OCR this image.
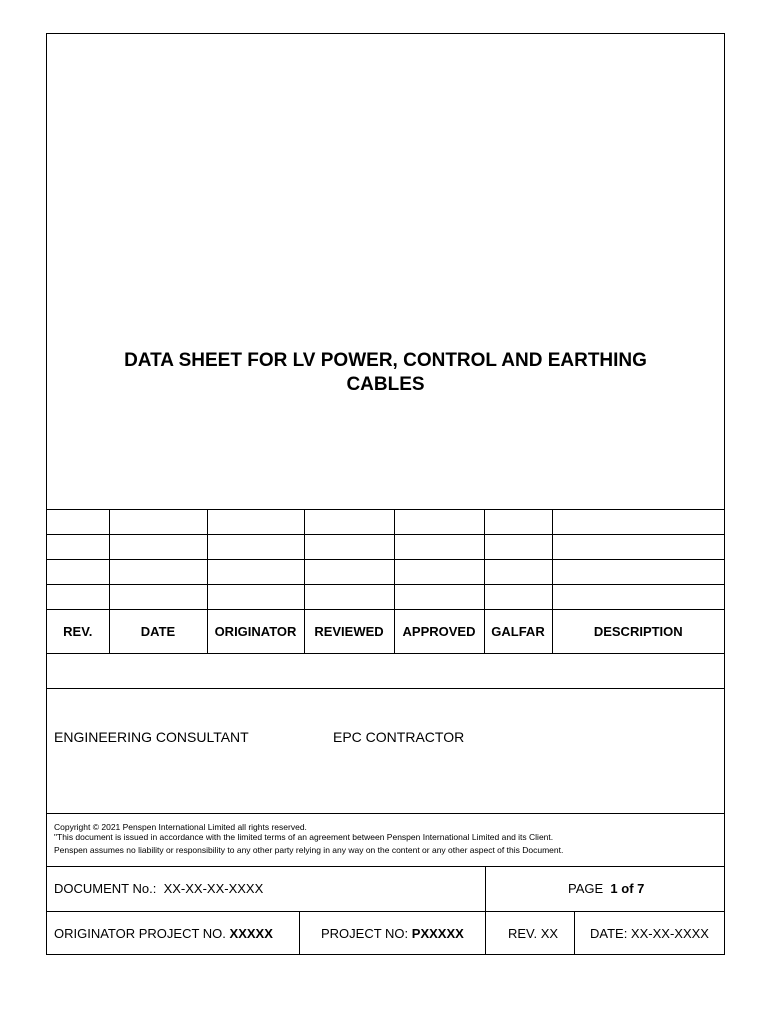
DATA SHEET FOR LV POWER, CONTROL AND EARTHING
CABLES

REV.	DATE	ORIGINATOR	REVIEWED	APPROVED	GALFAR	DESCRIPTION
ENGINEERING CONSULTANT	EPC CONTRACTOR
Copyright © 2021 Penspen International Limited all rights reserved.
"This document is issued in accordance with the limited terms of an agreement between Penspen International Limited and its Client.
Penspen assumes no liability or responsibility to any other party relying in any way on the content or any other aspect of this Document.
DOCUMENT No.: XX-XX-XX-XXXX	PAGE 1 of 7
ORIGINATOR PROJECT NO. XXXXX	PROJECT NO: PXXXXX	REV. XX DATE: XX-XX-XXXX
